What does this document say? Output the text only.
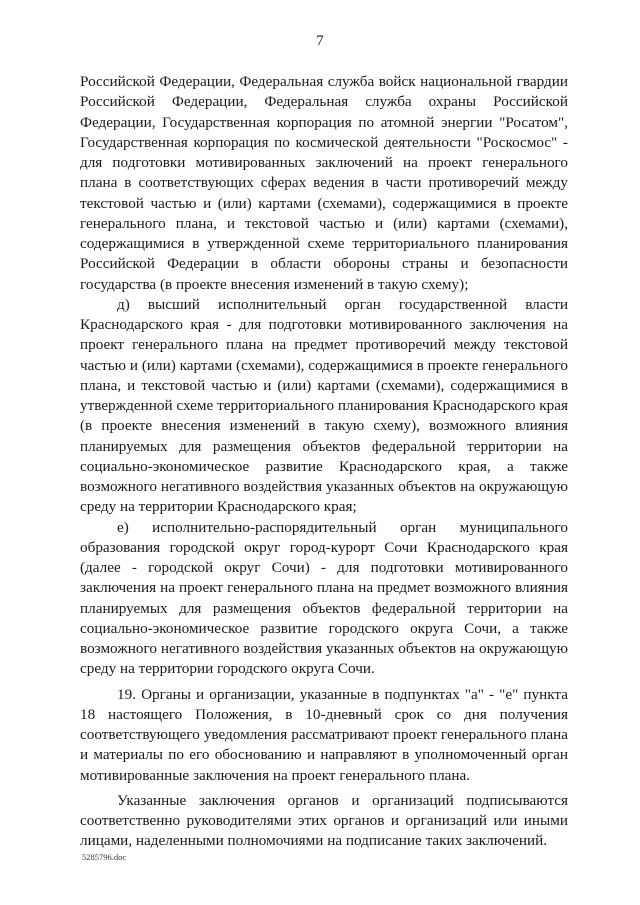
7

Российской Федерации, Федеральная служба войск национальной гвардии Российской Федерации, Федеральная служба охраны Российской Федерации, Государственная корпорация по атомной энергии "Росатом", Государственная корпорация по космической деятельности "Роскосмос" - для подготовки мотивированных заключений на проект генерального плана в соответствующих сферах ведения в части противоречий между текстовой частью и (или) картами (схемами), содержащимися в проекте генерального плана, и текстовой частью и (или) картами (схемами), содержащимися в утвержденной схеме территориального планирования Российской Федерации в области обороны страны и безопасности государства (в проекте внесения изменений в такую схему);

д) высший исполнительный орган государственной власти Краснодарского края - для подготовки мотивированного заключения на проект генерального плана на предмет противоречий между текстовой частью и (или) картами (схемами), содержащимися в проекте генерального плана, и текстовой частью и (или) картами (схемами), содержащимися в утвержденной схеме территориального планирования Краснодарского края (в проекте внесения изменений в такую схему), возможного влияния планируемых для размещения объектов федеральной территории на социально-экономическое развитие Краснодарского края, а также возможного негативного воздействия указанных объектов на окружающую среду на территории Краснодарского края;

е) исполнительно-распорядительный орган муниципального образования городской округ город-курорт Сочи Краснодарского края (далее - городской округ Сочи) - для подготовки мотивированного заключения на проект генерального плана на предмет возможного влияния планируемых для размещения объектов федеральной территории на социально-экономическое развитие городского округа Сочи, а также возможного негативного воздействия указанных объектов на окружающую среду на территории городского округа Сочи.

19. Органы и организации, указанные в подпунктах "а" - "е" пункта 18 настоящего Положения, в 10-дневный срок со дня получения соответствующего уведомления рассматривают проект генерального плана и материалы по его обоснованию и направляют в уполномоченный орган мотивированные заключения на проект генерального плана.

Указанные заключения органов и организаций подписываются соответственно руководителями этих органов и организаций или иными лицами, наделенными полномочиями на подписание таких заключений.

5285796.doc
